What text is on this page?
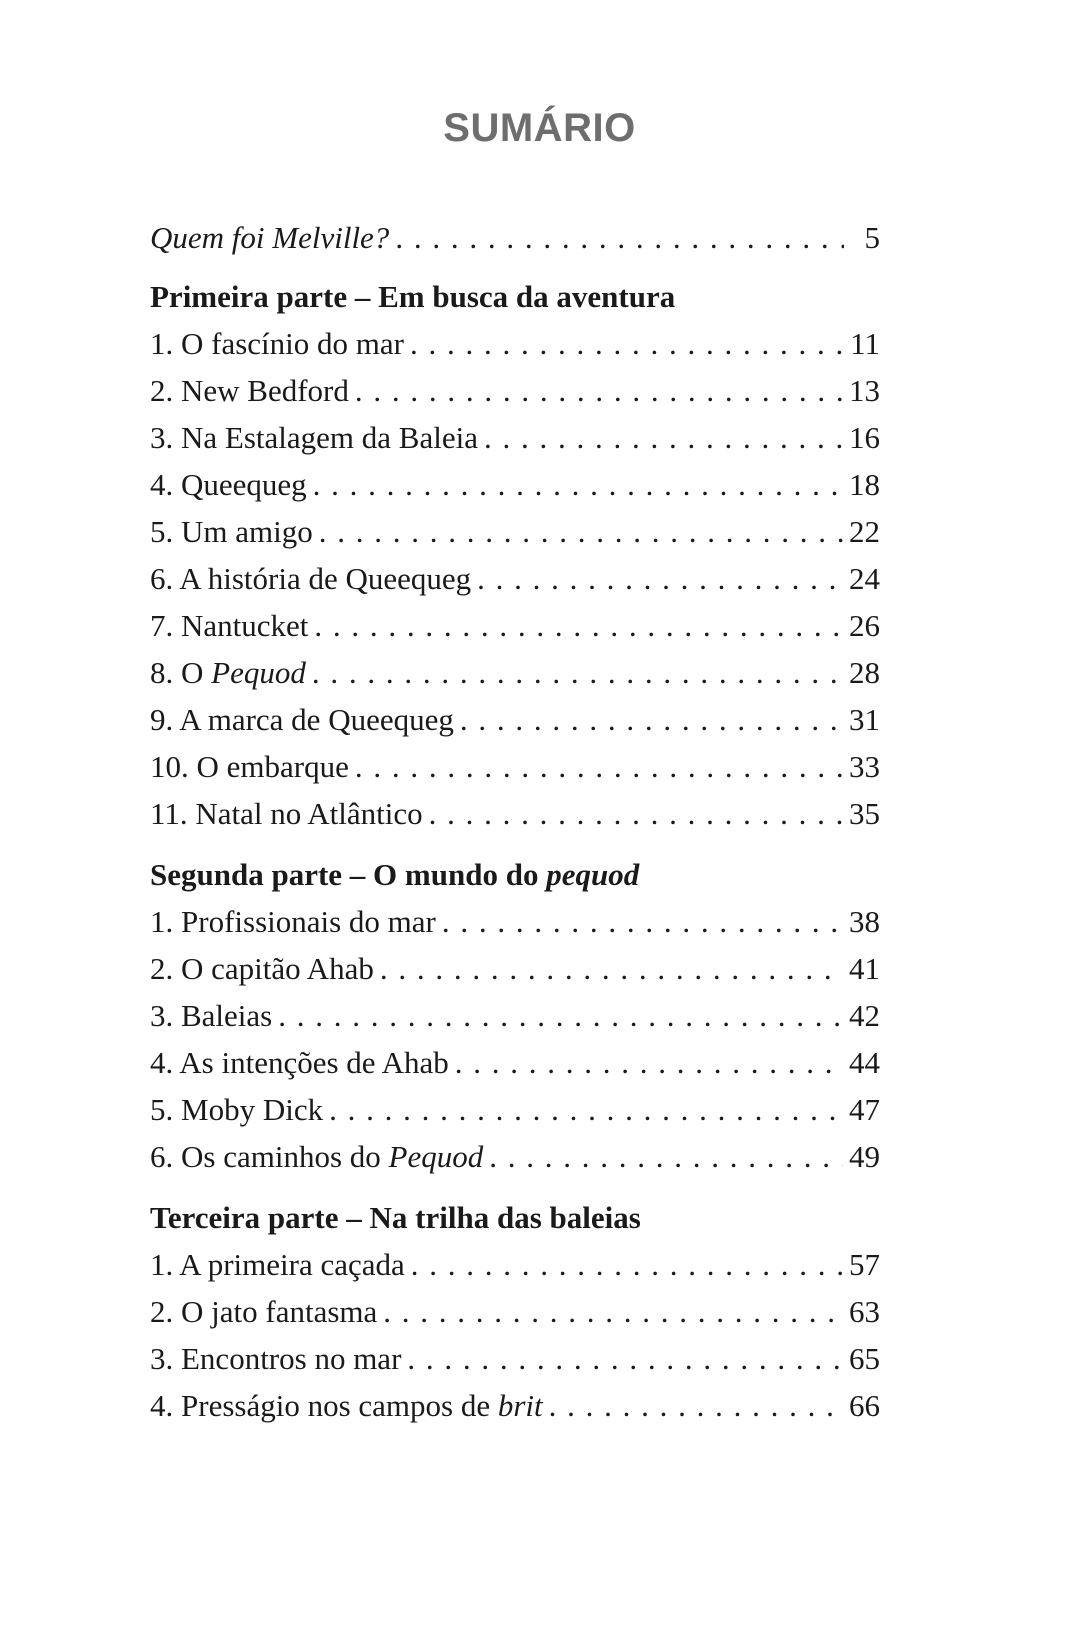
SUMÁRIO
Quem foi Melville? . . .	5
Primeira parte – Em busca da aventura
1. O fascínio do mar . . .	11
2. New Bedford . . .	13
3. Na Estalagem da Baleia . . .	16
4. Queequeg . . .	18
5. Um amigo . . .	22
6. A história de Queequeg . . .	24
7. Nantucket . . .	26
8. O Pequod . . .	28
9. A marca de Queequeg . . .	31
10. O embarque . . .	33
11. Natal no Atlântico . . .	35
Segunda parte – O mundo do pequod
1. Profissionais do mar . . .	38
2. O capitão Ahab . . .	41
3. Baleias . . .	42
4. As intenções de Ahab . . .	44
5. Moby Dick . . .	47
6. Os caminhos do Pequod . . .	49
Terceira parte – Na trilha das baleias
1. A primeira caçada . . .	57
2. O jato fantasma . . .	63
3. Encontros no mar . . .	65
4. Presságio nos campos de brit . . .	66
